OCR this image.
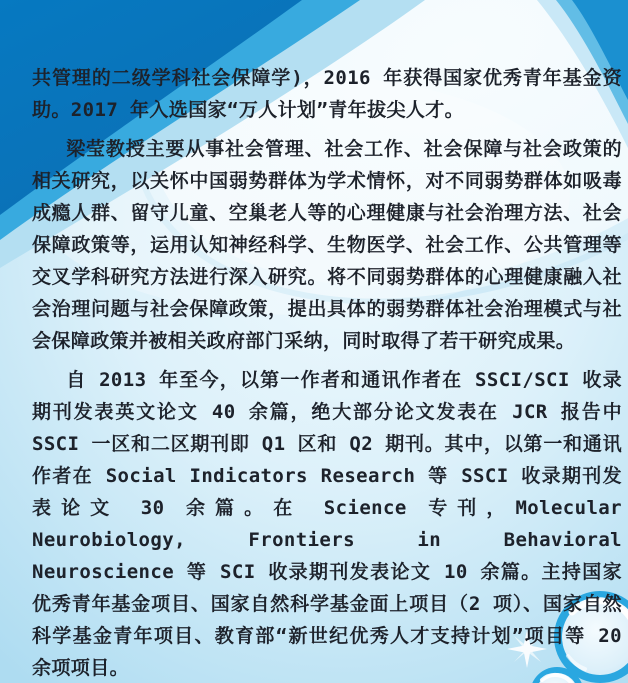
共管理的二级学科社会保障学)，2016 年获得国家优秀青年基金资助。2017 年入选国家“万人计划”青年拔尖人才。

梁莹教授主要从事社会管理、社会工作、社会保障与社会政策的相关研究，以关怀中国弱势群体为学术情怀，对不同弱势群体如吸毒成瘾人群、留守儿童、空巢老人等的心理健康与社会治理方法、社会保障政策等，运用认知神经科学、生物医学、社会工作、公共管理等交叉学科研究方法进行深入研究。将不同弱势群体的心理健康融入社会治理问题与社会保障政策，提出具体的弱势群体社会治理模式与社会保障政策并被相关政府部门采纳，同时取得了若干研究成果。

自 2013 年至今，以第一作者和通讯作者在 SSCI/SCI 收录期刊发表英文论文 40 余篇，绝大部分论文发表在 JCR 报告中 SSCI 一区和二区期刊即 Q1 区和 Q2 期刊。其中，以第一和通讯作者在 Social Indicators Research 等 SSCI 收录期刊发表论文 30 余篇。在 Science 专刊，Molecular Neurobiology, Frontiers in Behavioral Neuroscience 等 SCI 收录期刊发表论文 10 余篇。主持国家优秀青年基金项目、国家自然科学基金面上项目（2 项）、国家自然科学基金青年项目、教育部“新世纪优秀人才支持计划”项目等 20 余项项目。
